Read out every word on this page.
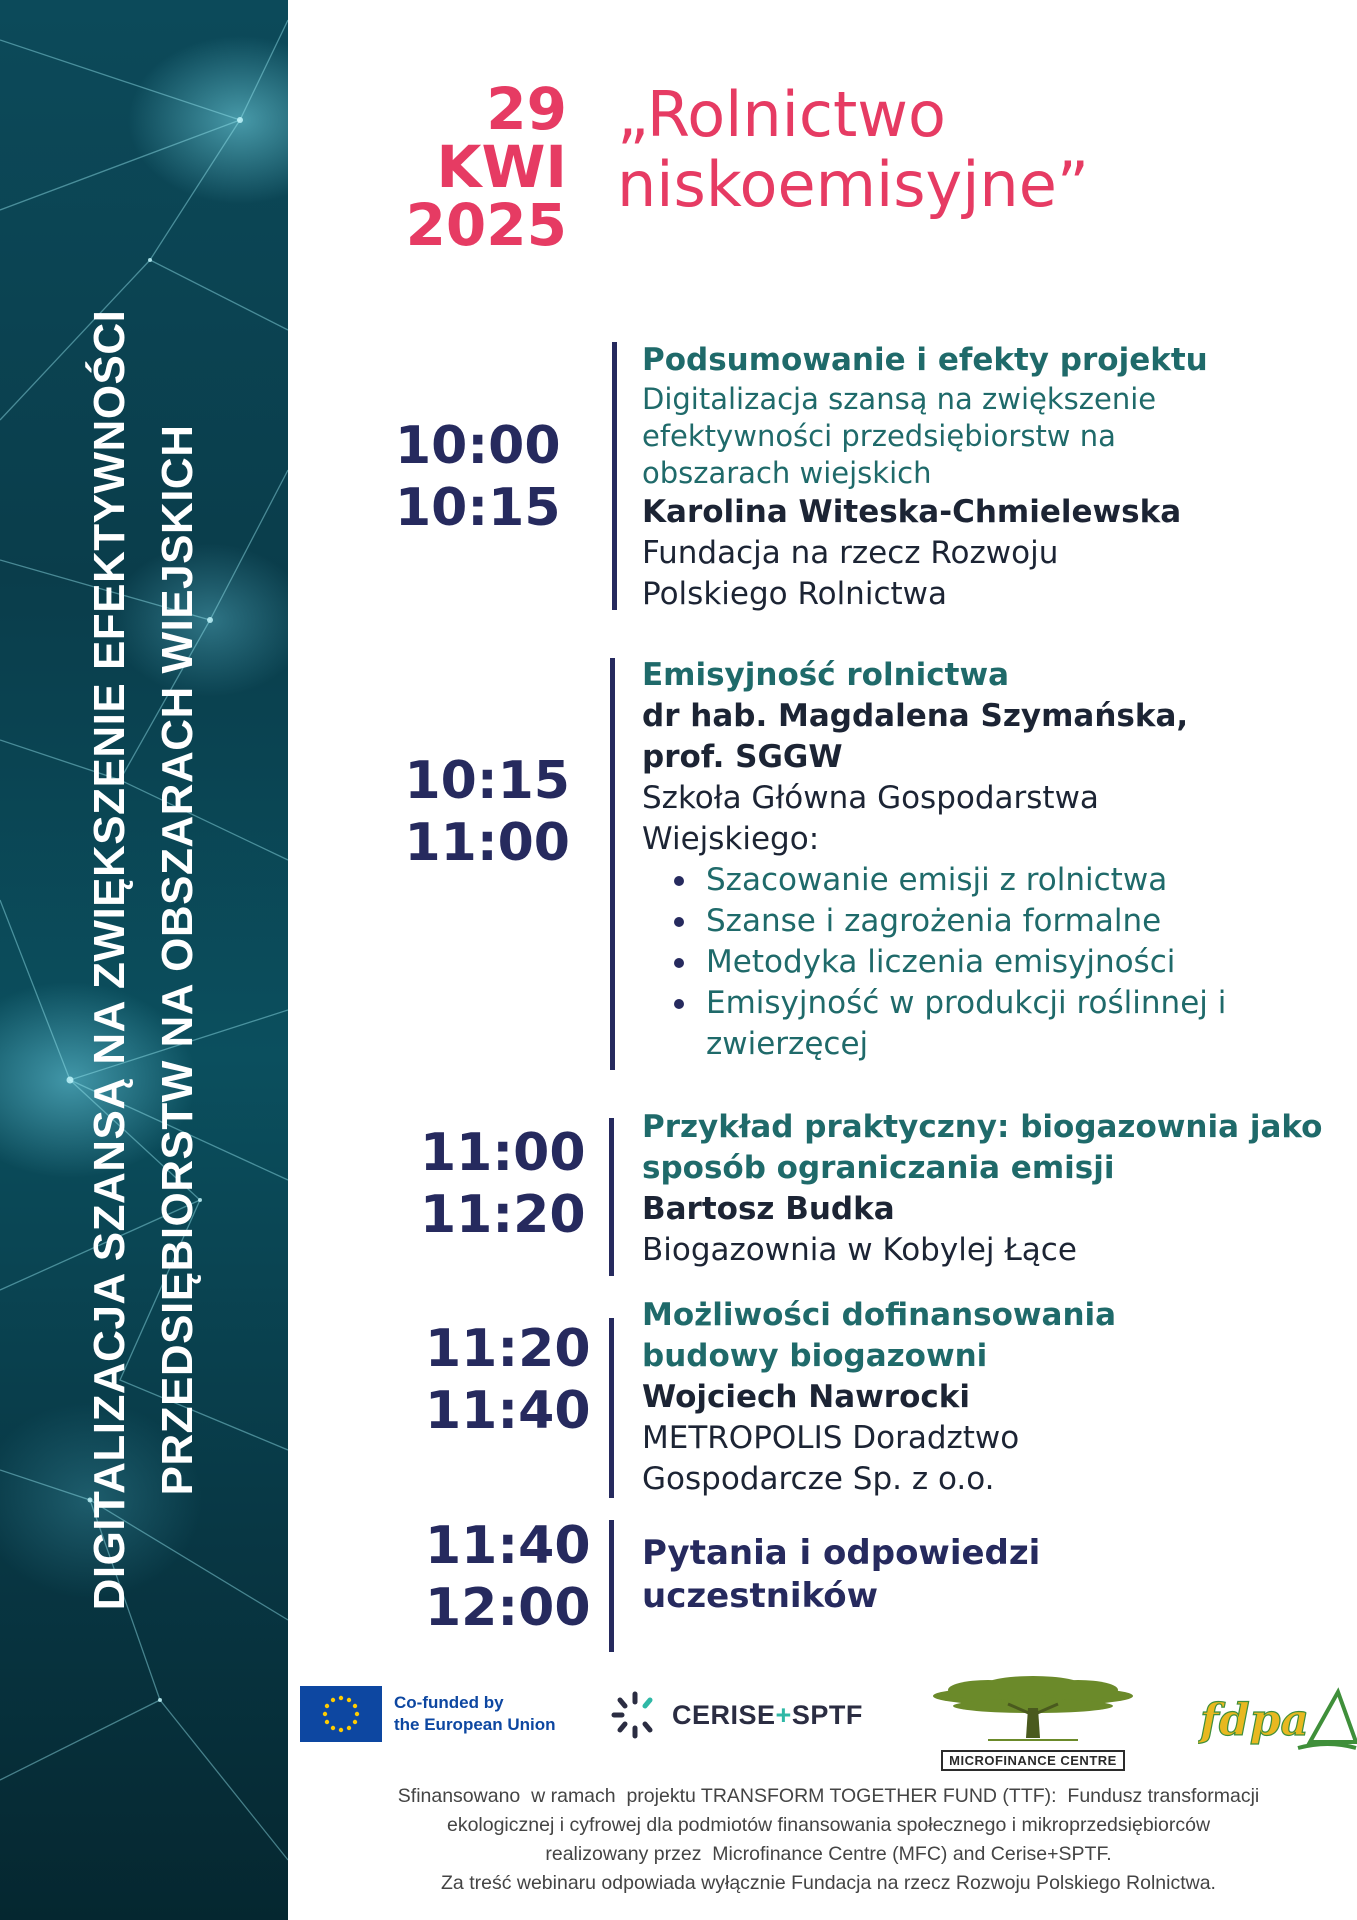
DIGITALIZACJA SZANSĄ NA ZWIĘKSZENIE EFEKTYWNOŚCI PRZEDSIĘBIORSTW NA OBSZARACH WIEJSKICH
29
KWI
2025
„Rolnictwo
niskoemisyjne”
10:00
10:15
Podsumowanie i efekty projektu
Digitalizacja szansą na zwiększenie efektywności przedsiębiorstw na obszarach wiejskich
Karolina Witeska-Chmielewska
Fundacja na rzecz Rozwoju Polskiego Rolnictwa
10:15
11:00
Emisyjność rolnictwa
dr hab. Magdalena Szymańska, prof. SGGW
Szkoła Główna Gospodarstwa Wiejskiego:
Szacowanie emisji z rolnictwa
Szanse i zagrożenia formalne
Metodyka liczenia emisyjności
Emisyjność w produkcji roślinnej i zwierzęcej
11:00
11:20
Przykład praktyczny: biogazownia jako sposób ograniczania emisji
Bartosz Budka
Biogazownia w Kobylej Łące
11:20
11:40
Możliwości dofinansowania budowy biogazowni
Wojciech Nawrocki
METROPOLIS Doradztwo Gospodarcze Sp. z o.o.
11:40
12:00
Pytania i odpowiedzi uczestników
Co-funded by
the European Union	CERISE+SPTF
MICROFINANCE CENTRE
fdpa
Sfinansowano  w ramach  projektu TRANSFORM TOGETHER FUND (TTF):  Fundusz transformacji
ekologicznej i cyfrowej dla podmiotów finansowania społecznego i mikroprzedsiębiorców
realizowany przez  Microfinance Centre (MFC) and Cerise+SPTF.
Za treść webinaru odpowiada wyłącznie Fundacja na rzecz Rozwoju Polskiego Rolnictwa.
